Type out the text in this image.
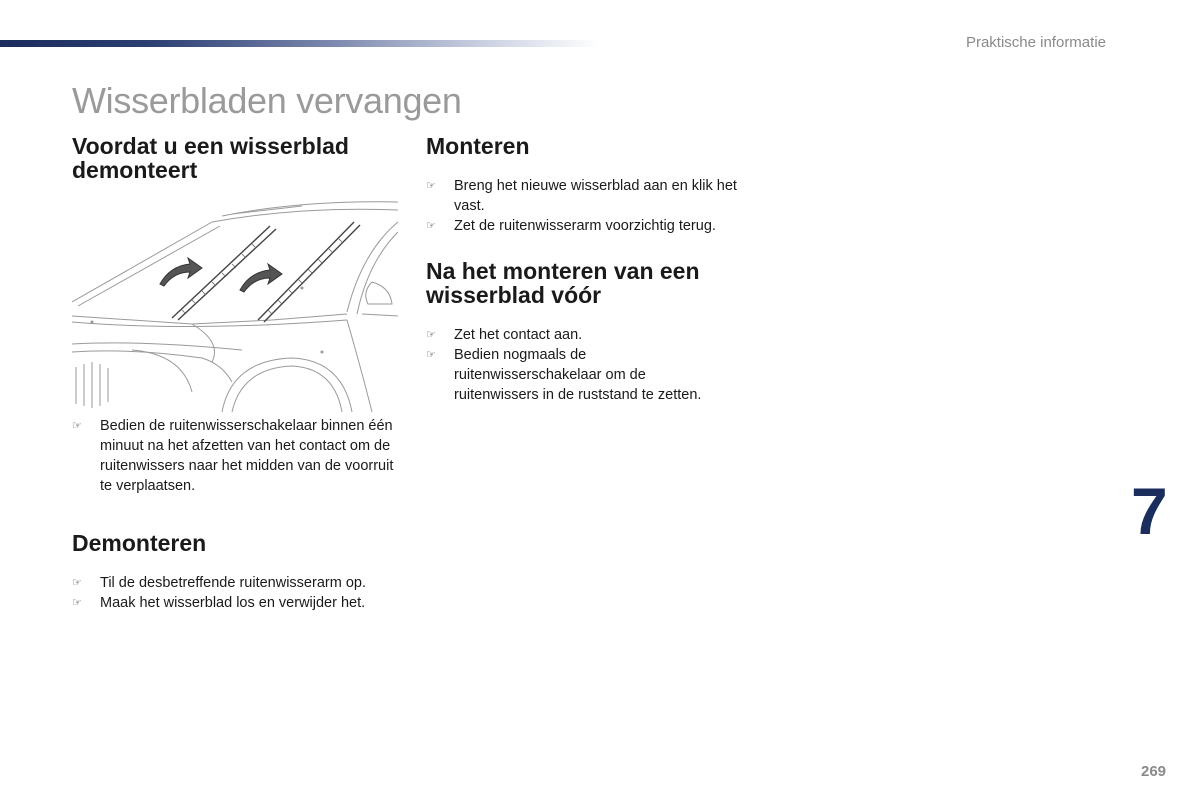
Praktische informatie
Wisserbladen vervangen
Voordat u een wisserblad demonteert
☞ Bedien de ruitenwisserschakelaar binnen één minuut na het afzetten van het contact om de ruitenwissers naar het midden van de voorruit te verplaatsen.
Demonteren
☞ Til de desbetreffende ruitenwisserarm op.
☞ Maak het wisserblad los en verwijder het.
Monteren
☞ Breng het nieuwe wisserblad aan en klik het vast.
☞ Zet de ruitenwisserarm voorzichtig terug.
Na het monteren van een wisserblad vóór
☞ Zet het contact aan.
☞ Bedien nogmaals de ruitenwisserschakelaar om de ruitenwissers in de ruststand te zetten.
7
269
